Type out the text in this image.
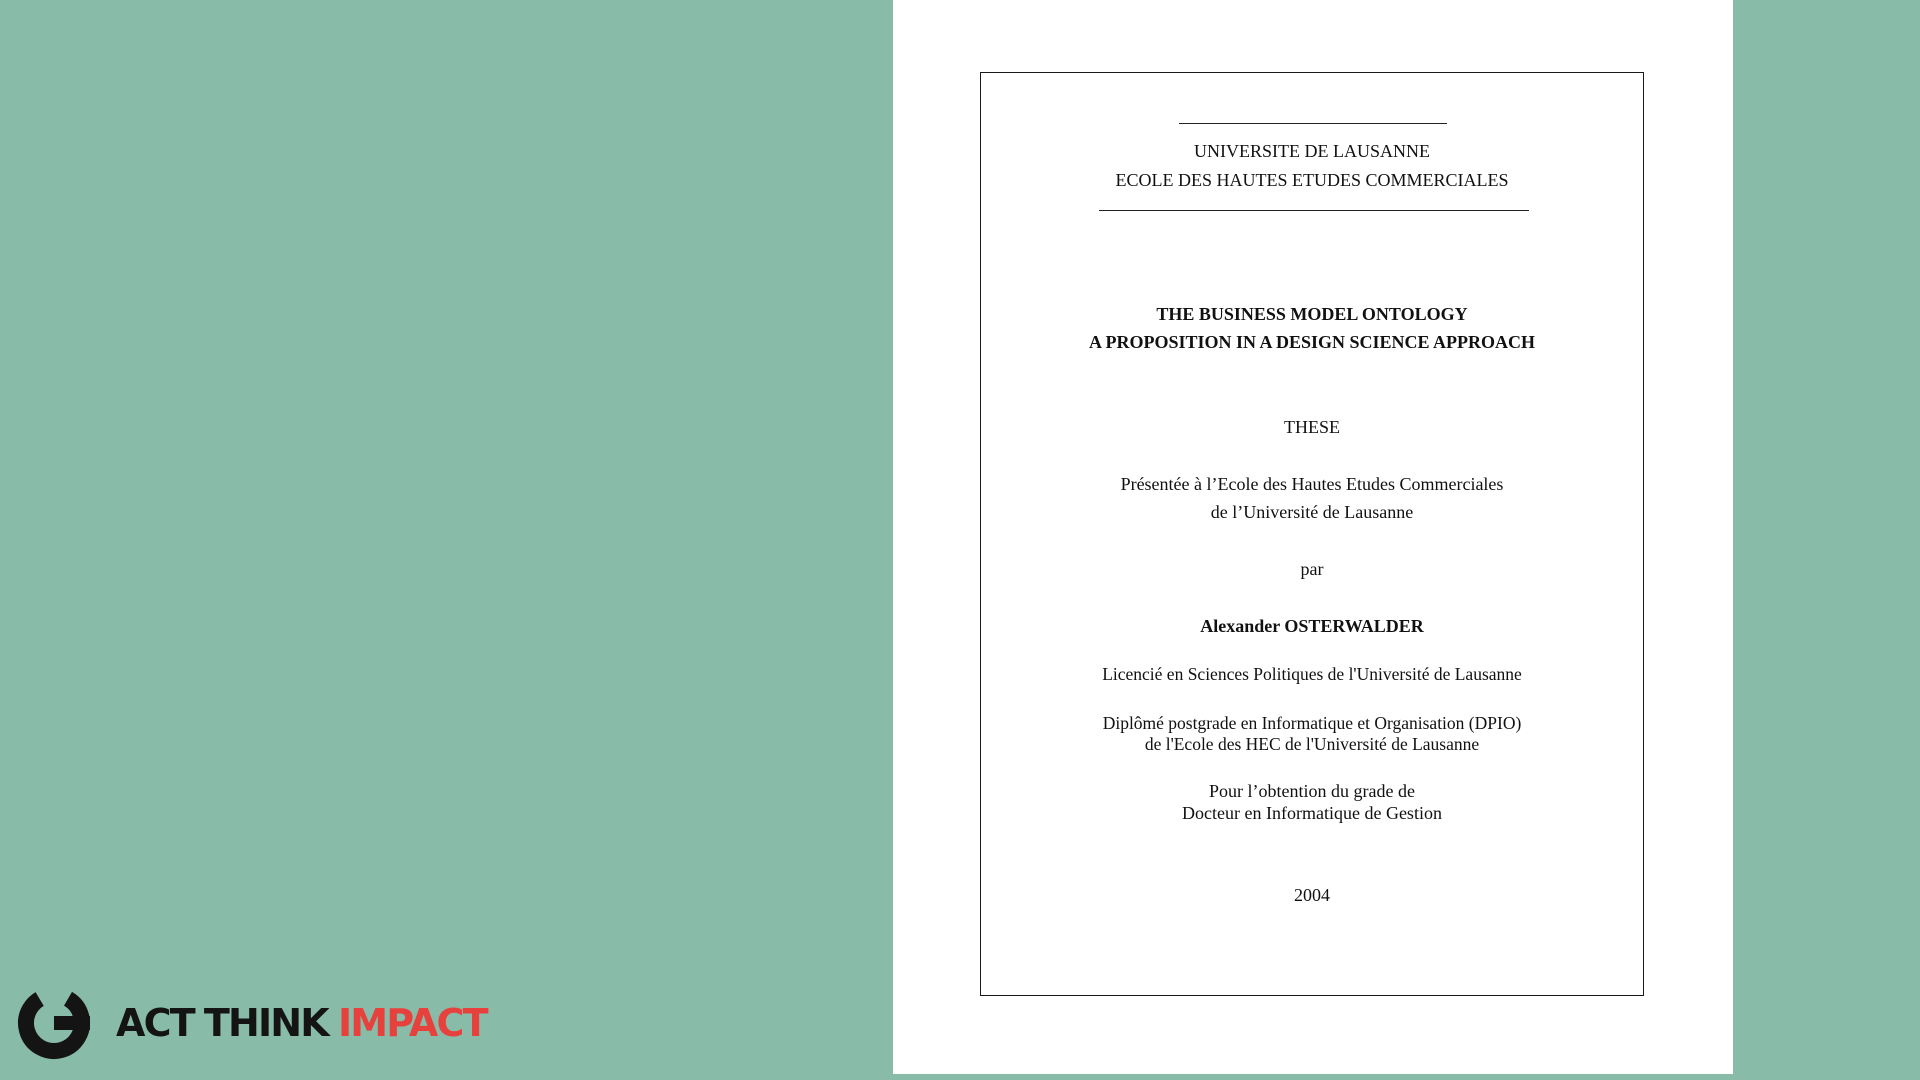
UNIVERSITE DE LAUSANNE
ECOLE DES HAUTES ETUDES COMMERCIALES
THE BUSINESS MODEL ONTOLOGY
A PROPOSITION IN A DESIGN SCIENCE APPROACH
THESE
Présentée à l’Ecole des Hautes Etudes Commerciales
de l’Université de Lausanne
par
Alexander OSTERWALDER
Licencié en Sciences Politiques de l'Université de Lausanne
Diplômé postgrade en Informatique et Organisation (DPIO)
de l'Ecole des HEC de l'Université de Lausanne
Pour l’obtention du grade de
Docteur en Informatique de Gestion
2004
ACT THINK IMPACT
